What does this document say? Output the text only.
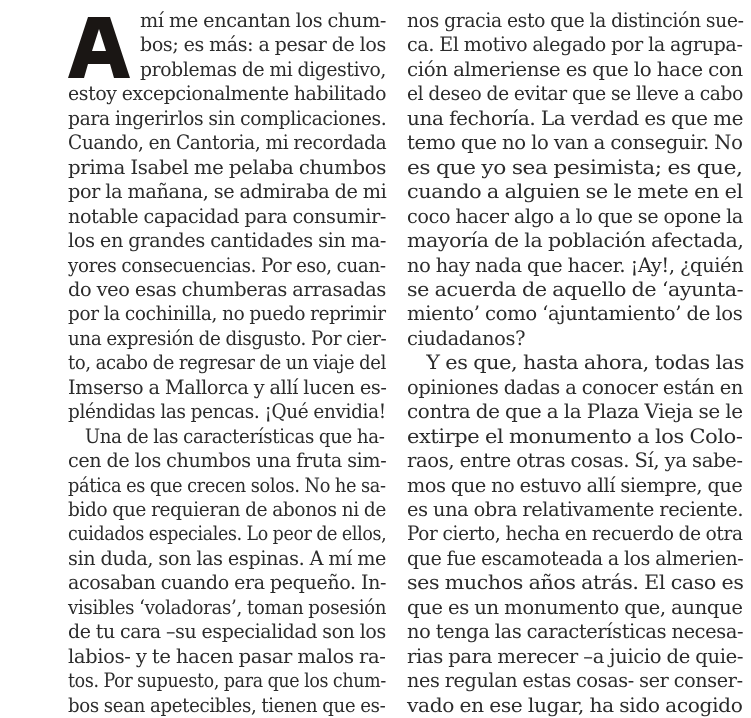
mí me encantan los chum-
bos; es más: a pesar de los
problemas de mi digestivo,
estoy excepcionalmente habilitado
para ingerirlos sin complicaciones.
Cuando, en Cantoria, mi recordada
prima Isabel me pelaba chumbos
por la mañana, se admiraba de mi
notable capacidad para consumir-
los en grandes cantidades sin ma-
yores consecuencias. Por eso, cuan-
do veo esas chumberas arrasadas
por la cochinilla, no puedo reprimir
una expresión de disgusto. Por cier-
to, acabo de regresar de un viaje del
Imserso a Mallorca y allí lucen es-
pléndidas las pencas. ¡Qué envidia!
Una de las características que ha-
cen de los chumbos una fruta sim-
pática es que crecen solos. No he sa-
bido que requieran de abonos ni de
cuidados especiales. Lo peor de ellos,
sin duda, son las espinas. A mí me
acosaban cuando era pequeño. In-
visibles ‘voladoras’, toman posesión
de tu cara –su especialidad son los
labios- y te hacen pasar malos ra-
tos. Por supuesto, para que los chum-
bos sean apetecibles, tienen que es-
nos gracia esto que la distinción sue-
ca. El motivo alegado por la agrupa-
ción almeriense es que lo hace con
el deseo de evitar que se lleve a cabo
una fechoría. La verdad es que me
temo que no lo van a conseguir. No
es que yo sea pesimista; es que,
cuando a alguien se le mete en el
coco hacer algo a lo que se opone la
mayoría de la población afectada,
no hay nada que hacer. ¡Ay!, ¿quién
se acuerda de aquello de ‘ayunta-
miento’ como ‘ajuntamiento’ de los
ciudadanos?
Y es que, hasta ahora, todas las
opiniones dadas a conocer están en
contra de que a la Plaza Vieja se le
extirpe el monumento a los Colo-
raos, entre otras cosas. Sí, ya sabe-
mos que no estuvo allí siempre, que
es una obra relativamente reciente.
Por cierto, hecha en recuerdo de otra
que fue escamoteada a los almerien-
ses muchos años atrás. El caso es
que es un monumento que, aunque
no tenga las características necesa-
rias para merecer –a juicio de quie-
nes regulan estas cosas- ser conser-
vado en ese lugar, ha sido acogido
